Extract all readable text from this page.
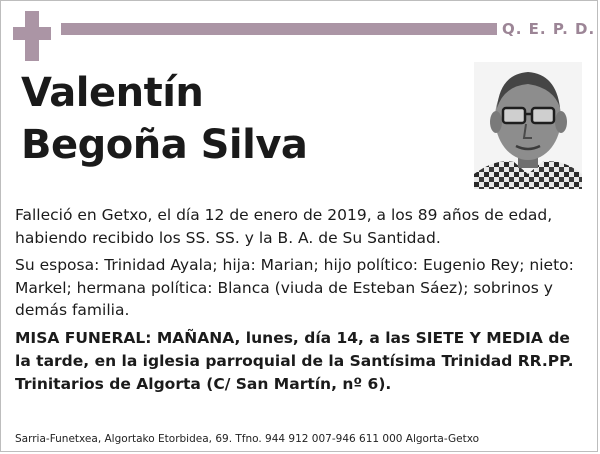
Q. E. P. D.
Valentín
Begoña Silva

Falleció en Getxo, el día 12 de enero de 2019, a los 89 años de edad, habiendo recibido los SS. SS. y la B. A. de Su Santidad.

Su esposa: Trinidad Ayala; hija: Marian; hijo político: Eugenio Rey; nieto: Markel; hermana política: Blanca (viuda de Esteban Sáez); sobrinos y demás familia.

MISA FUNERAL: MAÑANA, lunes, día 14, a las SIETE Y MEDIA de la tarde, en la iglesia parroquial de la Santísima Trinidad RR.PP. Trinitarios de Algorta (C/ San Martín, nº 6).

Sarria-Funetxea, Algortako Etorbidea, 69. Tfno. 944 912 007-946 611 000 Algorta-Getxo
